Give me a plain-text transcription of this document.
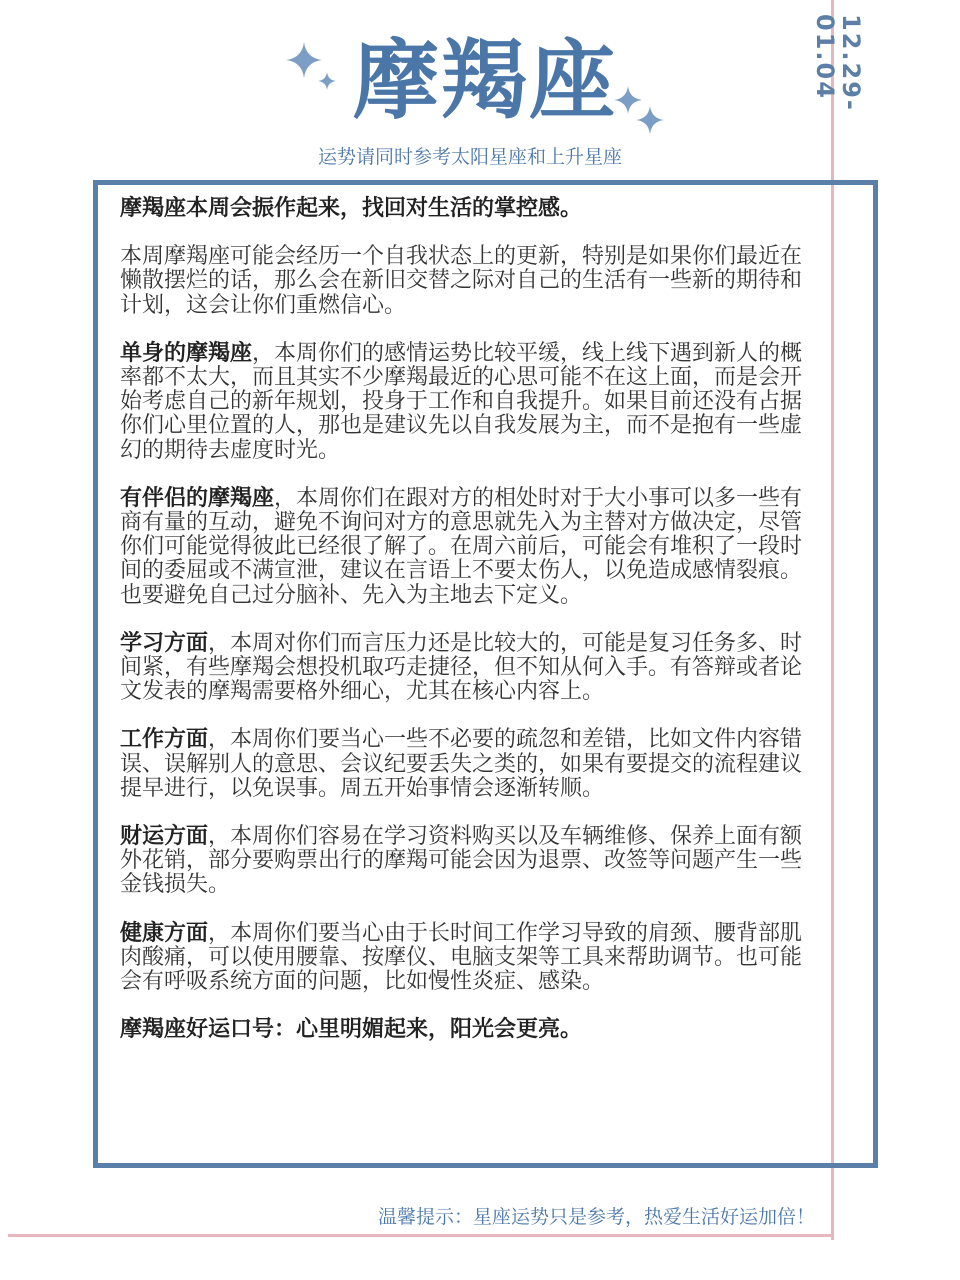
12.29-01.04
摩羯座
运势请同时参考太阳星座和上升星座

摩羯座本周会振作起来，找回对生活的掌控感。

本周摩羯座可能会经历一个自我状态上的更新，特别是如果你们最近在懒散摆烂的话，那么会在新旧交替之际对自己的生活有一些新的期待和计划，这会让你们重燃信心。

单身的摩羯座，本周你们的感情运势比较平缓，线上线下遇到新人的概率都不太大，而且其实不少摩羯最近的心思可能不在这上面，而是会开始考虑自己的新年规划，投身于工作和自我提升。如果目前还没有占据你们心里位置的人，那也是建议先以自我发展为主，而不是抱有一些虚幻的期待去虚度时光。

有伴侣的摩羯座，本周你们在跟对方的相处时对于大小事可以多一些有商有量的互动，避免不询问对方的意思就先入为主替对方做决定，尽管你们可能觉得彼此已经很了解了。在周六前后，可能会有堆积了一段时间的委屈或不满宣泄，建议在言语上不要太伤人，以免造成感情裂痕。也要避免自己过分脑补、先入为主地去下定义。

学习方面，本周对你们而言压力还是比较大的，可能是复习任务多、时间紧，有些摩羯会想投机取巧走捷径，但不知从何入手。有答辩或者论文发表的摩羯需要格外细心，尤其在核心内容上。

工作方面，本周你们要当心一些不必要的疏忽和差错，比如文件内容错误、误解别人的意思、会议纪要丢失之类的，如果有要提交的流程建议提早进行，以免误事。周五开始事情会逐渐转顺。

财运方面，本周你们容易在学习资料购买以及车辆维修、保养上面有额外花销，部分要购票出行的摩羯可能会因为退票、改签等问题产生一些金钱损失。

健康方面，本周你们要当心由于长时间工作学习导致的肩颈、腰背部肌肉酸痛，可以使用腰靠、按摩仪、电脑支架等工具来帮助调节。也可能会有呼吸系统方面的问题，比如慢性炎症、感染。

摩羯座好运口号：心里明媚起来，阳光会更亮。

温馨提示：星座运势只是参考，热爱生活好运加倍！
